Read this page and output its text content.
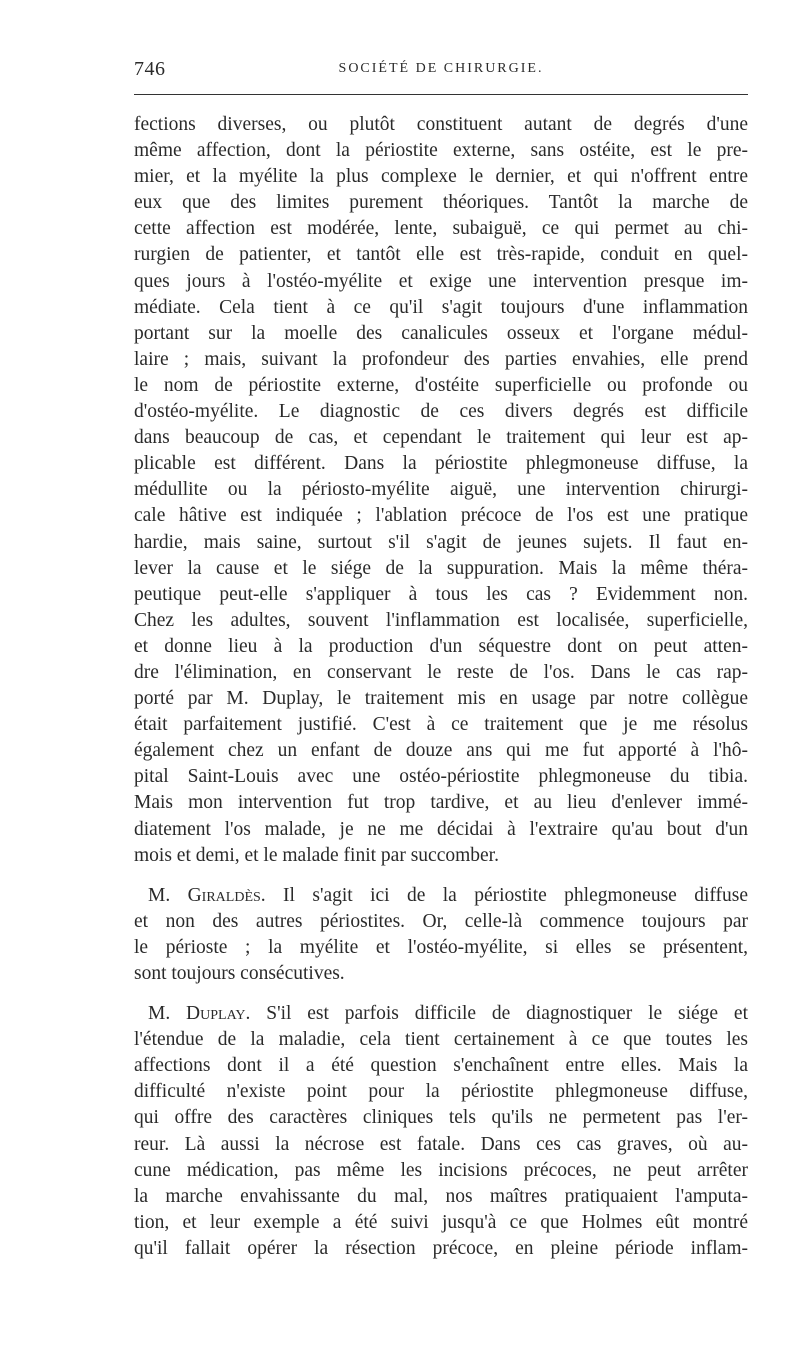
746	SOCIÉTÉ DE CHIRURGIE.
fections diverses, ou plutôt constituent autant de degrés d'une
même affection, dont la périostite externe, sans ostéite, est le pre-
mier, et la myélite la plus complexe le dernier, et qui n'offrent entre
eux que des limites purement théoriques. Tantôt la marche de
cette affection est modérée, lente, subaiguë, ce qui permet au chi-
rurgien de patienter, et tantôt elle est très-rapide, conduit en quel-
ques jours à l'ostéo-myélite et exige une intervention presque im-
médiate. Cela tient à ce qu'il s'agit toujours d'une inflammation
portant sur la moelle des canalicules osseux et l'organe médul-
laire ; mais, suivant la profondeur des parties envahies, elle prend
le nom de périostite externe, d'ostéite superficielle ou profonde ou
d'ostéo-myélite. Le diagnostic de ces divers degrés est difficile
dans beaucoup de cas, et cependant le traitement qui leur est ap-
plicable est différent. Dans la périostite phlegmoneuse diffuse, la
médullite ou la périosto-myélite aiguë, une intervention chirurgi-
cale hâtive est indiquée ; l'ablation précoce de l'os est une pratique
hardie, mais saine, surtout s'il s'agit de jeunes sujets. Il faut en-
lever la cause et le siége de la suppuration. Mais la même théra-
peutique peut-elle s'appliquer à tous les cas ? Evidemment non.
Chez les adultes, souvent l'inflammation est localisée, superficielle,
et donne lieu à la production d'un séquestre dont on peut atten-
dre l'élimination, en conservant le reste de l'os. Dans le cas rap-
porté par M. Duplay, le traitement mis en usage par notre collègue
était parfaitement justifié. C'est à ce traitement que je me résolus
également chez un enfant de douze ans qui me fut apporté à l'hô-
pital Saint-Louis avec une ostéo-périostite phlegmoneuse du tibia.
Mais mon intervention fut trop tardive, et au lieu d'enlever immé-
diatement l'os malade, je ne me décidai à l'extraire qu'au bout d'un
mois et demi, et le malade finit par succomber.
M. Giraldès. Il s'agit ici de la périostite phlegmoneuse diffuse
et non des autres périostites. Or, celle-là commence toujours par
le périoste ; la myélite et l'ostéo-myélite, si elles se présentent,
sont toujours consécutives.
M. Duplay. S'il est parfois difficile de diagnostiquer le siége et
l'étendue de la maladie, cela tient certainement à ce que toutes les
affections dont il a été question s'enchaînent entre elles. Mais la
difficulté n'existe point pour la périostite phlegmoneuse diffuse,
qui offre des caractères cliniques tels qu'ils ne permetent pas l'er-
reur. Là aussi la nécrose est fatale. Dans ces cas graves, où au-
cune médication, pas même les incisions précoces, ne peut arrêter
la marche envahissante du mal, nos maîtres pratiquaient l'amputa-
tion, et leur exemple a été suivi jusqu'à ce que Holmes eût montré
qu'il fallait opérer la résection précoce, en pleine période inflam-
